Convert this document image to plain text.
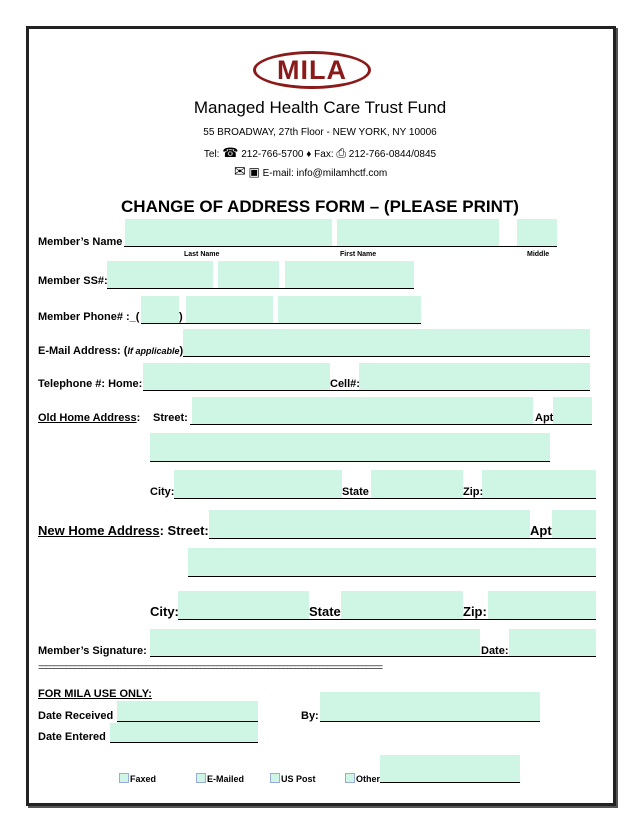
MILA
Managed Health Care Trust Fund
55 BROADWAY, 27th Floor - NEW YORK, NY 10006
Tel: ☎ 212-766-5700 ♦ Fax: ⎙ 212-766-0844/0845
✉ ▣ E-mail: info@milamhctf.com
CHANGE OF ADDRESS FORM – (PLEASE PRINT)
Member’s Name
Last Name	First Name	Middle
Member SS#:
Member Phone# :_(	)
E-Mail Address: (If applicable)
Telephone #: Home:	Cell#:
Old Home Address: Street:	Apt
City:	State	Zip:
New Home Address: Street:	Apt
City:	State	Zip:
Member’s Signature:	Date:
=======================================================================================
FOR MILA USE ONLY:
Date Received	By:
Date Entered
Faxed	E-Mailed	US Post	Other
